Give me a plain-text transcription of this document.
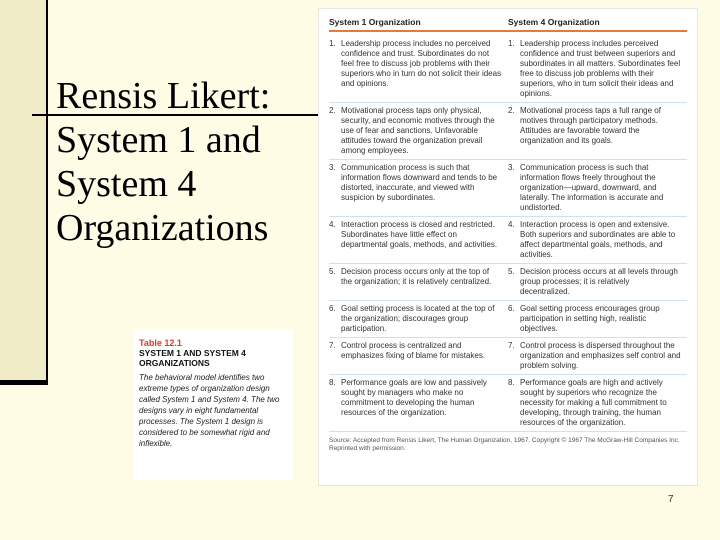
Rensis Likert:
System 1 and
System 4
Organizations
Table 12.1
SYSTEM 1 AND SYSTEM 4 ORGANIZATIONS
The behavioral model identifies two extreme types of organization design called System 1 and System 4. The two designs vary in eight fundamental processes. The System 1 design is considered to be somewhat rigid and inflexible.
System 1 Organization	System 4 Organization
1. Leadership process includes no perceived confidence and trust. Subordinates do not feel free to discuss job problems with their superiors who in turn do not solicit their ideas and opinions.
1. Leadership process includes perceived confidence and trust between superiors and subordinates in all matters. Subordinates feel free to discuss job problems with their superiors, who in turn solicit their ideas and opinions.
2. Motivational process taps only physical, security, and economic motives through the use of fear and sanctions. Unfavorable attitudes toward the organization prevail among employees.
2. Motivational process taps a full range of motives through participatory methods. Attitudes are favorable toward the organization and its goals.
3. Communication process is such that information flows downward and tends to be distorted, inaccurate, and viewed with suspicion by subordinates.
3. Communication process is such that information flows freely throughout the organization—upward, downward, and laterally. The information is accurate and undistorted.
4. Interaction process is closed and restricted. Subordinates have little effect on departmental goals, methods, and activities.
4. Interaction process is open and extensive. Both superiors and subordinates are able to affect departmental goals, methods, and activities.
5. Decision process occurs only at the top of the organization; it is relatively centralized.
5. Decision process occurs at all levels through group processes; it is relatively decentralized.
6. Goal setting process is located at the top of the organization; discourages group participation.
6. Goal setting process encourages group participation in setting high, realistic objectives.
7. Control process is centralized and emphasizes fixing of blame for mistakes.
7. Control process is dispersed throughout the organization and emphasizes self control and problem solving.
8. Performance goals are low and passively sought by managers who make no commitment to developing the human resources of the organization.
8. Performance goals are high and actively sought by superiors who recognize the necessity for making a full commitment to developing, through training, the human resources of the organization.
Source: Accepted from Rensis Likert, The Human Organization, 1967. Copyright © 1967 The McGraw-Hill Companies Inc. Reprinted with permission.
7
